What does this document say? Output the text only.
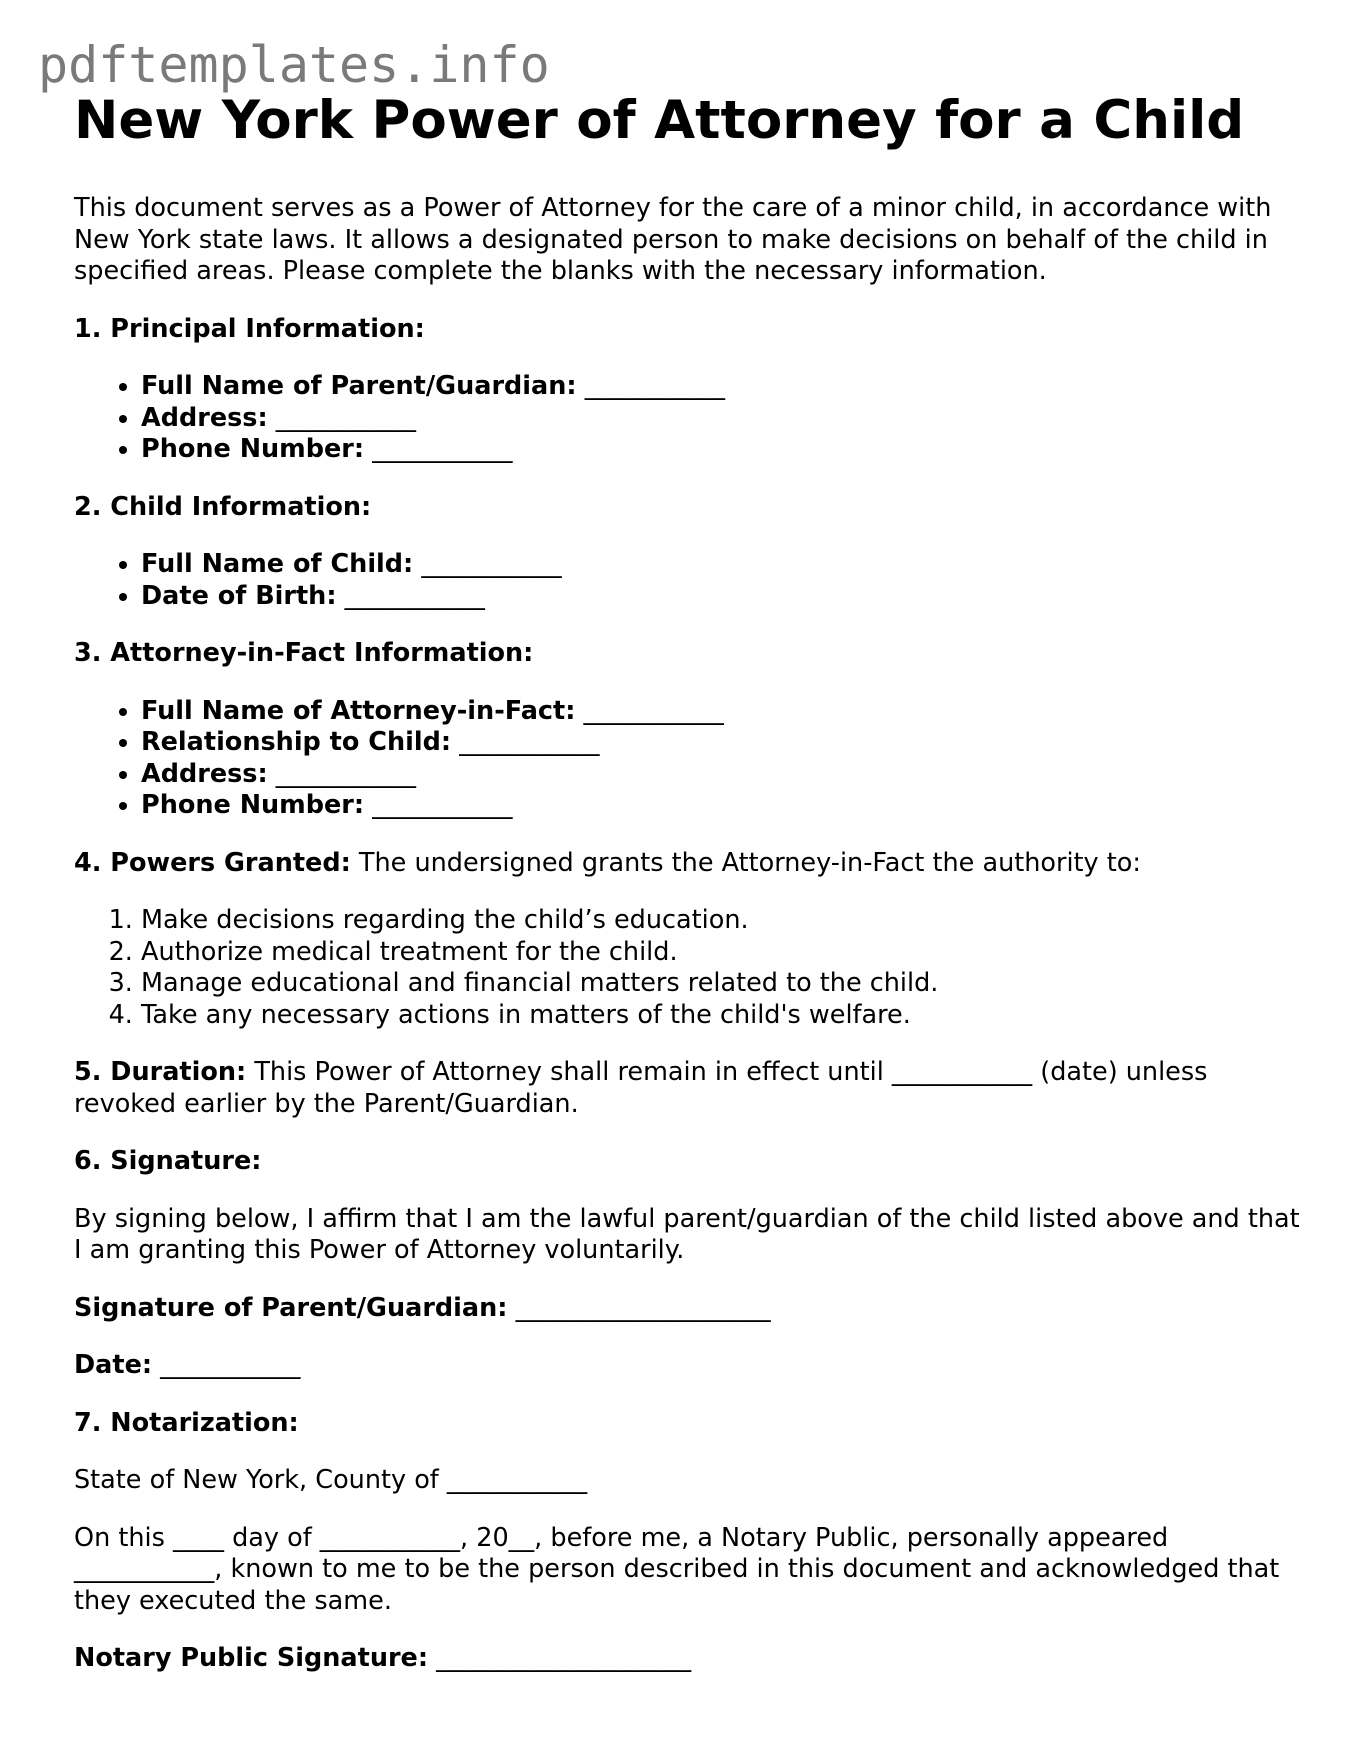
pdftemplates.info
New York Power of Attorney for a Child

This document serves as a Power of Attorney for the care of a minor child, in accordance with New York state laws. It allows a designated person to make decisions on behalf of the child in specified areas. Please complete the blanks with the necessary information.

1. Principal Information:

• Full Name of Parent/Guardian: ___________
• Address: ___________
• Phone Number: ___________

2. Child Information:

• Full Name of Child: ___________
• Date of Birth: ___________

3. Attorney-in-Fact Information:

• Full Name of Attorney-in-Fact: ___________
• Relationship to Child: ___________
• Address: ___________
• Phone Number: ___________

4. Powers Granted: The undersigned grants the Attorney-in-Fact the authority to:

1. Make decisions regarding the child’s education.
2. Authorize medical treatment for the child.
3. Manage educational and financial matters related to the child.
4. Take any necessary actions in matters of the child's welfare.

5. Duration: This Power of Attorney shall remain in effect until ___________ (date) unless revoked earlier by the Parent/Guardian.

6. Signature:

By signing below, I affirm that I am the lawful parent/guardian of the child listed above and that I am granting this Power of Attorney voluntarily.

Signature of Parent/Guardian: ____________________

Date: ___________

7. Notarization:

State of New York, County of ___________

On this ____ day of ___________, 20__, before me, a Notary Public, personally appeared ___________, known to me to be the person described in this document and acknowledged that they executed the same.

Notary Public Signature: ____________________
